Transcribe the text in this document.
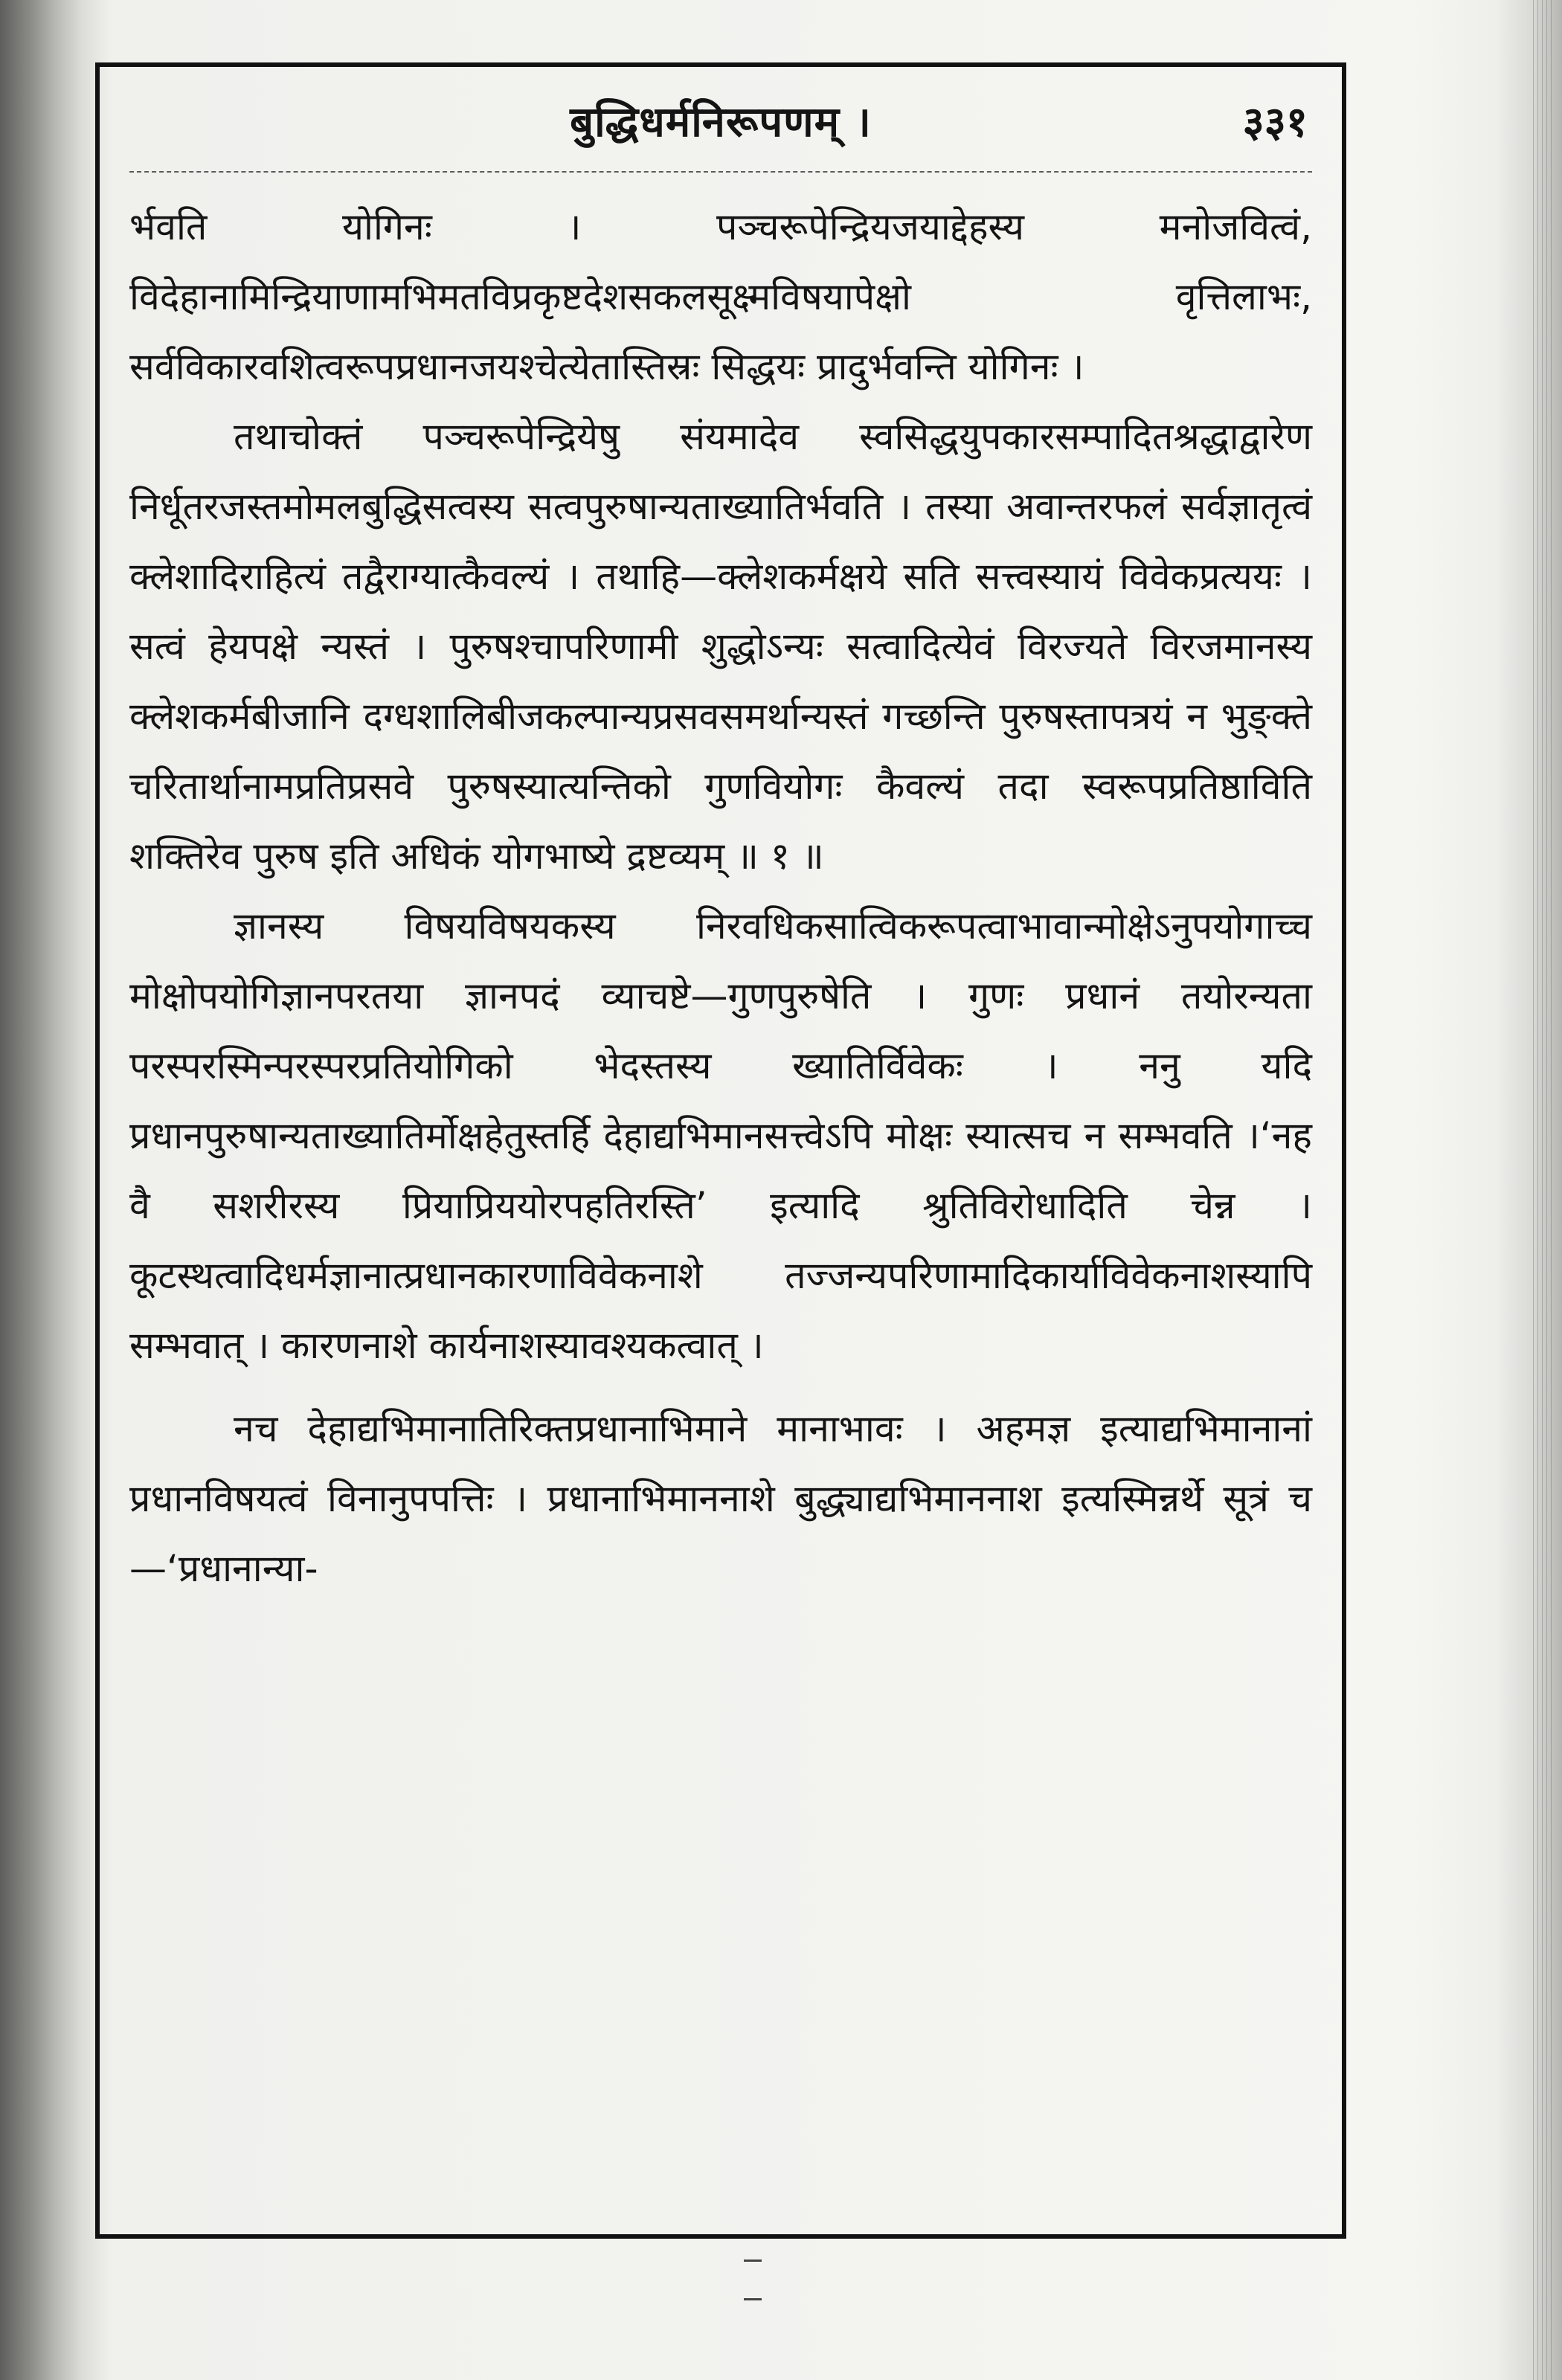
बुद्धिधर्मनिरूपणम् ।	३३१

र्भवति योगिनः । पञ्चरूपेन्द्रियजयाद्देहस्य मनोजवित्वं, विदेहानामिन्द्रियाणामभिमतविप्रकृष्टदेशसकलसूक्ष्मविषयापेक्षो वृत्तिलाभः, सर्वविकारवशित्वरूपप्रधानजयश्चेत्येतास्तिस्रः सिद्धयः प्रादुर्भवन्ति योगिनः ।

तथाचोक्तं पञ्चरूपेन्द्रियेषु संयमादेव स्वसिद्धयुपकारसम्पादितश्रद्धाद्वारेण निर्धूतरजस्तमोमलबुद्धिसत्वस्य सत्वपुरुषान्यताख्यातिर्भवति । तस्या अवान्तरफलं सर्वज्ञातृत्वं क्लेशादिराहित्यं तद्वैराग्यात्कैवल्यं । तथाहि—क्लेशकर्मक्षये सति सत्त्वस्यायं विवेकप्रत्ययः । सत्वं हेयपक्षे न्यस्तं । पुरुषश्चापरिणामी शुद्धोऽन्यः सत्वादित्येवं विरज्यते विरजमानस्य क्लेशकर्मबीजानि दग्धशालिबीजकल्पान्यप्रसवसमर्थान्यस्तं गच्छन्ति पुरुषस्तापत्रयं न भुङ्क्ते चरितार्थानामप्रतिप्रसवे पुरुषस्यात्यन्तिको गुणवियोगः कैवल्यं तदा स्वरूपप्रतिष्ठाविति शक्तिरेव पुरुष इति अधिकं योगभाष्ये द्रष्टव्यम् ॥ १ ॥

ज्ञानस्य विषयविषयकस्य निरवधिकसात्विकरूपत्वाभावान्मोक्षेऽनुपयोगाच्च मोक्षोपयोगिज्ञानपरतया ज्ञानपदं व्याचष्टे—गुणपुरुषेति । गुणः प्रधानं तयोरन्यता परस्परस्मिन्परस्परप्रतियोगिको भेदस्तस्य ख्यातिर्विवेकः । ननु यदि प्रधानपुरुषान्यताख्यातिर्मोक्षहेतुस्तर्हि देहाद्यभिमानसत्त्वेऽपि मोक्षः स्यात्सच न सम्भवति ।‘नह वै सशरीरस्य प्रियाप्रिययोरपहतिरस्ति’ इत्यादि श्रुतिविरोधादिति चेन्न । कूटस्थत्वादिधर्मज्ञानात्प्रधानकारणाविवेकनाशे तज्जन्यपरिणामादिकार्याविवेकनाशस्यापि सम्भवात् । कारणनाशे कार्यनाशस्यावश्यकत्वात् ।

नच देहाद्यभिमानातिरिक्तप्रधानाभिमाने मानाभावः । अहमज्ञ इत्याद्यभिमानानां प्रधानविषयत्वं विनानुपपत्तिः । प्रधानाभिमाननाशे बुद्ध्याद्यभिमाननाश इत्यस्मिन्नर्थे सूत्रं च—‘प्रधानान्या-
